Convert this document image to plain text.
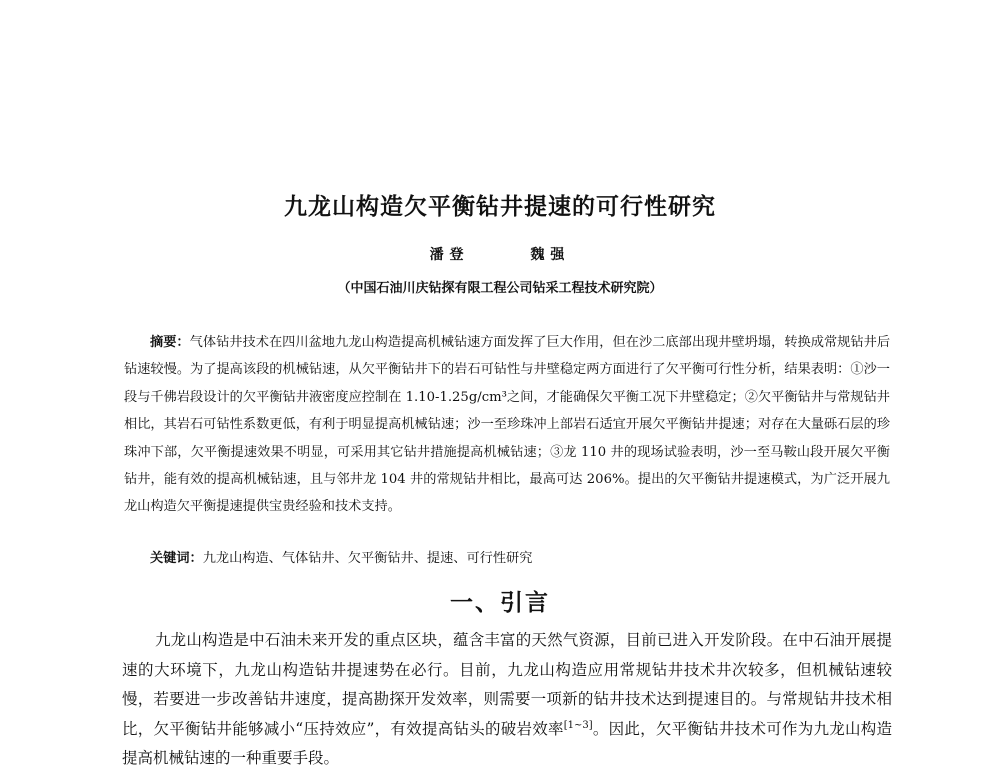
九龙山构造欠平衡钻井提速的可行性研究
潘登	魏强
（中国石油川庆钻探有限工程公司钻采工程技术研究院）

摘要：气体钻井技术在四川盆地九龙山构造提高机械钻速方面发挥了巨大作用，但在沙二底部出现井壁坍塌，转换成常规钻井后钻速较慢。为了提高该段的机械钻速，从欠平衡钻井下的岩石可钻性与井壁稳定两方面进行了欠平衡可行性分析，结果表明：①沙一段与千佛岩段设计的欠平衡钻井液密度应控制在 1.10-1.25g/cm³之间，才能确保欠平衡工况下井壁稳定；②欠平衡钻井与常规钻井相比，其岩石可钻性系数更低，有利于明显提高机械钻速；沙一至珍珠冲上部岩石适宜开展欠平衡钻井提速；对存在大量砾石层的珍珠冲下部，欠平衡提速效果不明显，可采用其它钻井措施提高机械钻速；③龙 110 井的现场试验表明，沙一至马鞍山段开展欠平衡钻井，能有效的提高机械钻速，且与邻井龙 104 井的常规钻井相比，最高可达 206%。提出的欠平衡钻井提速模式，为广泛开展九龙山构造欠平衡提速提供宝贵经验和技术支持。

关键词：九龙山构造、气体钻井、欠平衡钻井、提速、可行性研究

一、引言

九龙山构造是中石油未来开发的重点区块，蕴含丰富的天然气资源，目前已进入开发阶段。在中石油开展提速的大环境下，九龙山构造钻井提速势在必行。目前，九龙山构造应用常规钻井技术井次较多，但机械钻速较慢，若要进一步改善钻井速度，提高勘探开发效率，则需要一项新的钻井技术达到提速目的。与常规钻井技术相比，欠平衡钻井能够减小“压持效应”，有效提高钻头的破岩效率[1~3]。因此，欠平衡钻井技术可作为九龙山构造提高机械钻速的一种重要手段。
